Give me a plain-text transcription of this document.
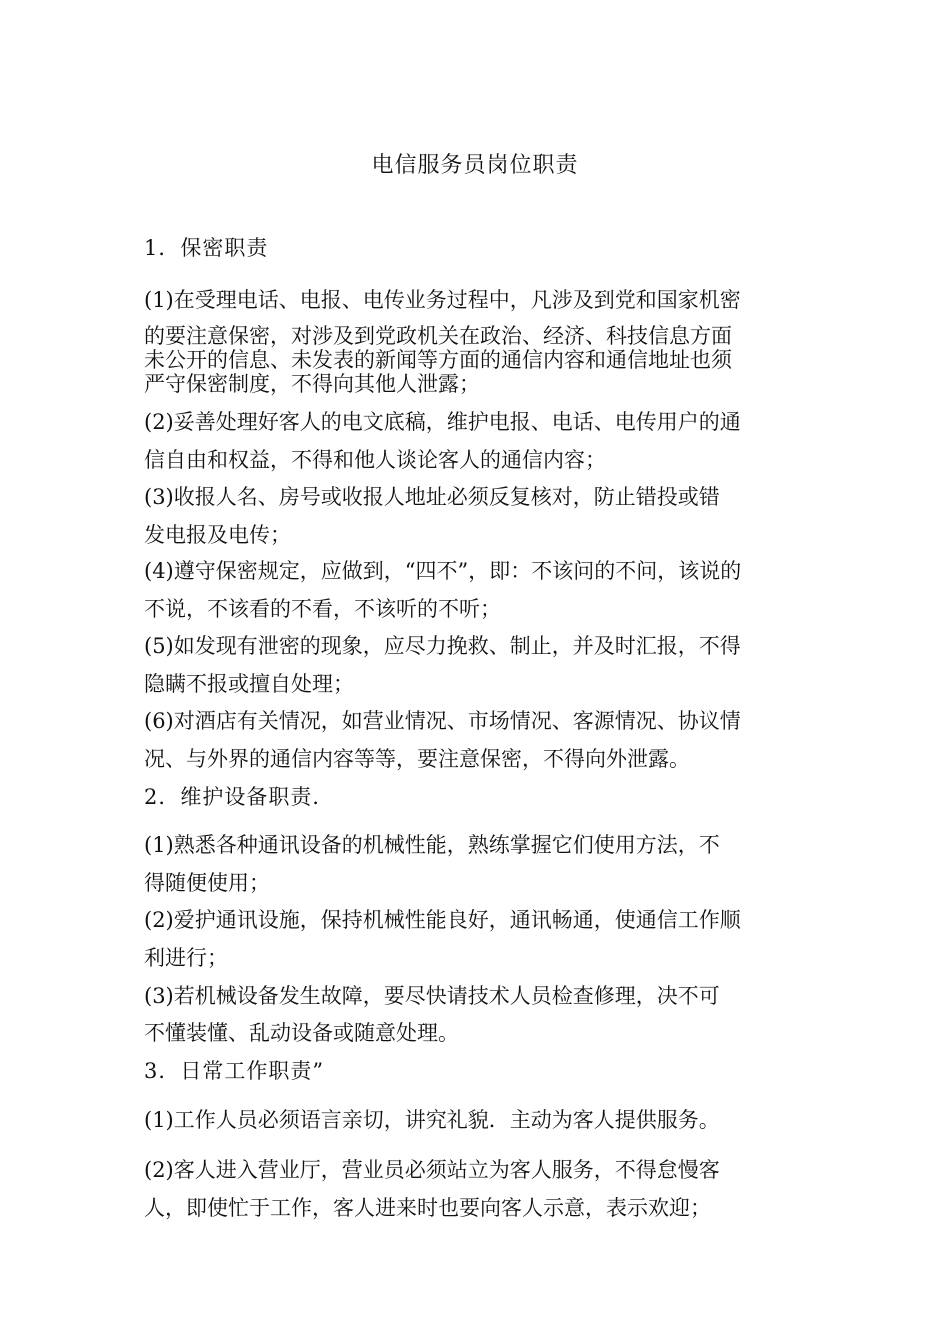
电信服务员岗位职责
1．保密职责
(1)在受理电话、电报、电传业务过程中，凡涉及到党和国家机密
的要注意保密，对涉及到党政机关在政治、经济、科技信息方面
未公开的信息、未发表的新闻等方面的通信内容和通信地址也须
严守保密制度，不得向其他人泄露；
(2)妥善处理好客人的电文底稿，维护电报、电话、电传用户的通
信自由和权益，不得和他人谈论客人的通信内容；
(3)收报人名、房号或收报人地址必须反复核对，防止错投或错
发电报及电传；
(4)遵守保密规定，应做到，“四不”，即：不该问的不问，该说的
不说，不该看的不看，不该听的不听；
(5)如发现有泄密的现象，应尽力挽救、制止，并及时汇报，不得
隐瞒不报或擅自处理；
(6)对酒店有关情况，如营业情况、市场情况、客源情况、协议情
况、与外界的通信内容等等，要注意保密，不得向外泄露。
2．维护设备职责．
(1)熟悉各种通讯设备的机械性能，熟练掌握它们使用方法，不
得随便使用；
(2)爱护通讯设施，保持机械性能良好，通讯畅通，使通信工作顺
利进行；
(3)若机械设备发生故障，要尽快请技术人员检查修理，决不可
不懂装懂、乱动设备或随意处理。
3．日常工作职责”
(1)工作人员必须语言亲切，讲究礼貌．主动为客人提供服务。
(2)客人进入营业厅，营业员必须站立为客人服务，不得怠慢客
人，即使忙于工作，客人进来时也要向客人示意，表示欢迎；
